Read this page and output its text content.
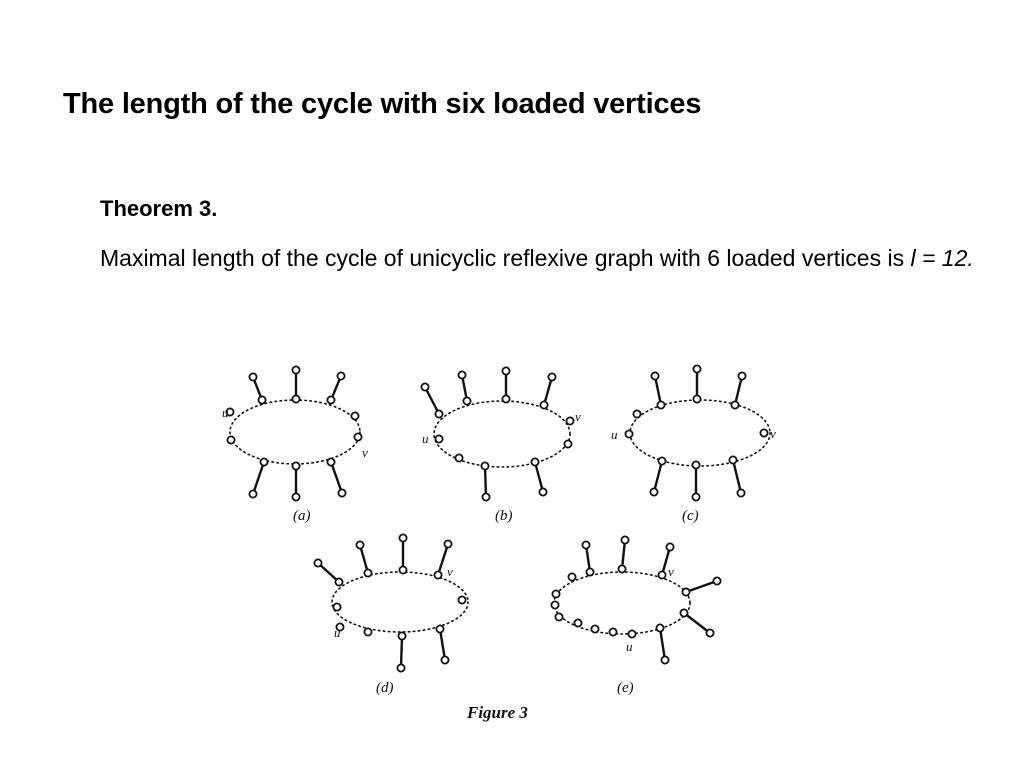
The length of the cycle with six loaded vertices
Theorem 3.

Maximal length of the cycle of unicyclic reflexive graph with 6 loaded vertices is l = 12.

(a)
u
v
(b)
u
v
(c)
u	v
(d)
u
v
(e)
u
v
Figure 3
